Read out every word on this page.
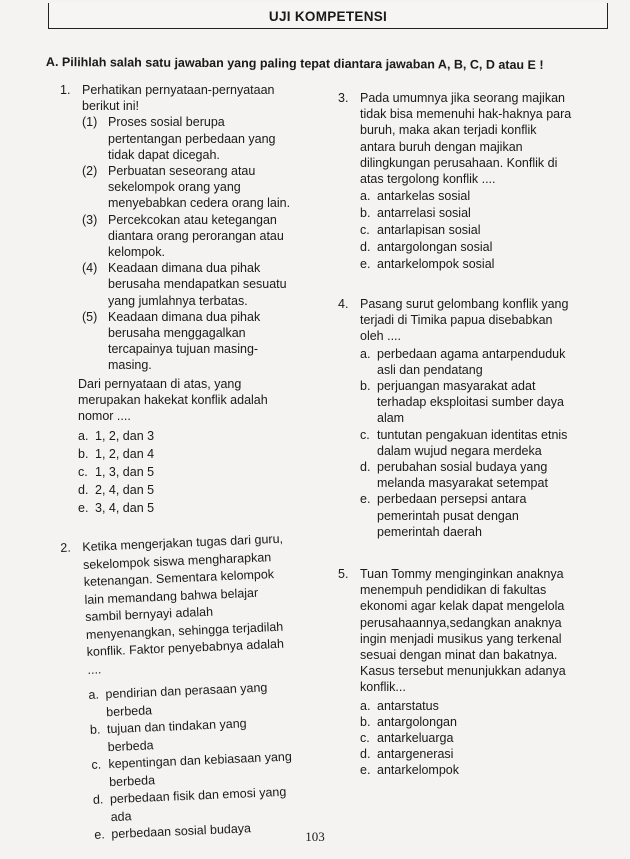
UJI KOMPETENSI
A. Pilihlah salah satu jawaban yang paling tepat diantara jawaban A, B, C, D atau E !
1. Perhatikan pernyataan-pernyataan berikut ini!
(1) Proses sosial berupa pertentangan perbedaan yang tidak dapat dicegah.
(2) Perbuatan seseorang atau sekelompok orang yang menyebabkan cedera orang lain.
(3) Percekcokan atau ketegangan diantara orang perorangan atau kelompok.
(4) Keadaan dimana dua pihak berusaha mendapatkan sesuatu yang jumlahnya terbatas.
(5) Keadaan dimana dua pihak berusaha menggagalkan tercapainya tujuan masing-masing.
Dari pernyataan di atas, yang merupakan hakekat konflik adalah nomor ....
a. 1, 2, dan 3
b. 1, 2, dan 4
c. 1, 3, dan 5
d. 2, 4, dan 5
e. 3, 4, dan 5
2. Ketika mengerjakan tugas dari guru, sekelompok siswa mengharapkan ketenangan. Sementara kelompok lain memandang bahwa belajar sambil bernyayi adalah menyenangkan, sehingga terjadilah konflik. Faktor penyebabnya adalah ....
a. pendirian dan perasaan yang berbeda
b. tujuan dan tindakan yang berbeda
c. kepentingan dan kebiasaan yang berbeda
d. perbedaan fisik dan emosi yang ada
e. perbedaan sosial budaya
3. Pada umumnya jika seorang majikan tidak bisa memenuhi hak-haknya para buruh, maka akan terjadi konflik antara buruh dengan majikan dilingkungan perusahaan. Konflik di atas tergolong konflik ....
a. antarkelas sosial
b. antarrelasi sosial
c. antarlapisan sosial
d. antargolongan sosial
e. antarkelompok sosial
4. Pasang surut gelombang konflik yang terjadi di Timika papua disebabkan oleh ....
a. perbedaan agama antarpenduduk asli dan pendatang
b. perjuangan masyarakat adat terhadap eksploitasi sumber daya alam
c. tuntutan pengakuan identitas etnis dalam wujud negara merdeka
d. perubahan sosial budaya yang melanda masyarakat setempat
e. perbedaan persepsi antara pemerintah pusat dengan pemerintah daerah
5. Tuan Tommy menginginkan anaknya menempuh pendidikan di fakultas ekonomi agar kelak dapat mengelola perusahaannya,sedangkan anaknya ingin menjadi musikus yang terkenal sesuai dengan minat dan bakatnya. Kasus tersebut menunjukkan adanya konflik...
a. antarstatus
b. antargolongan
c. antarkeluarga
d. antargenerasi
e. antarkelompok
103
